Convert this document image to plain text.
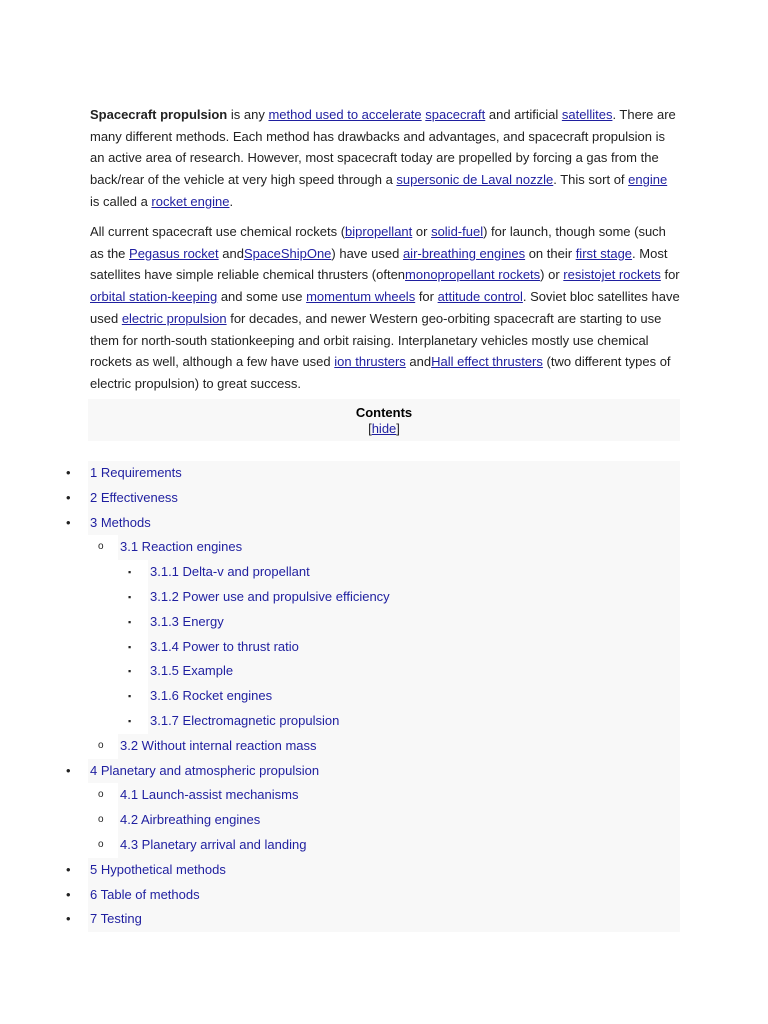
Spacecraft propulsion is any method used to accelerate spacecraft and artificial satellites. There are many different methods. Each method has drawbacks and advantages, and spacecraft propulsion is an active area of research. However, most spacecraft today are propelled by forcing a gas from the back/rear of the vehicle at very high speed through a supersonic de Laval nozzle. This sort of engine is called a rocket engine.

All current spacecraft use chemical rockets (bipropellant or solid-fuel) for launch, though some (such as the Pegasus rocket andSpaceShipOne) have used air-breathing engines on their first stage. Most satellites have simple reliable chemical thrusters (oftenmonopropellant rockets) or resistojet rockets for orbital station-keeping and some use momentum wheels for attitude control. Soviet bloc satellites have used electric propulsion for decades, and newer Western geo-orbiting spacecraft are starting to use them for north-south stationkeeping and orbit raising. Interplanetary vehicles mostly use chemical rockets as well, although a few have used ion thrusters andHall effect thrusters (two different types of electric propulsion) to great success.

Contents
[hide]
• 1 Requirements
• 2 Effectiveness
• 3 Methods
o 3.1 Reaction engines
▪ 3.1.1 Delta-v and propellant
▪ 3.1.2 Power use and propulsive efficiency
▪ 3.1.3 Energy
▪ 3.1.4 Power to thrust ratio
▪ 3.1.5 Example
▪ 3.1.6 Rocket engines
▪ 3.1.7 Electromagnetic propulsion
o 3.2 Without internal reaction mass
• 4 Planetary and atmospheric propulsion
o 4.1 Launch-assist mechanisms
o 4.2 Airbreathing engines
o 4.3 Planetary arrival and landing
• 5 Hypothetical methods
• 6 Table of methods
• 7 Testing
